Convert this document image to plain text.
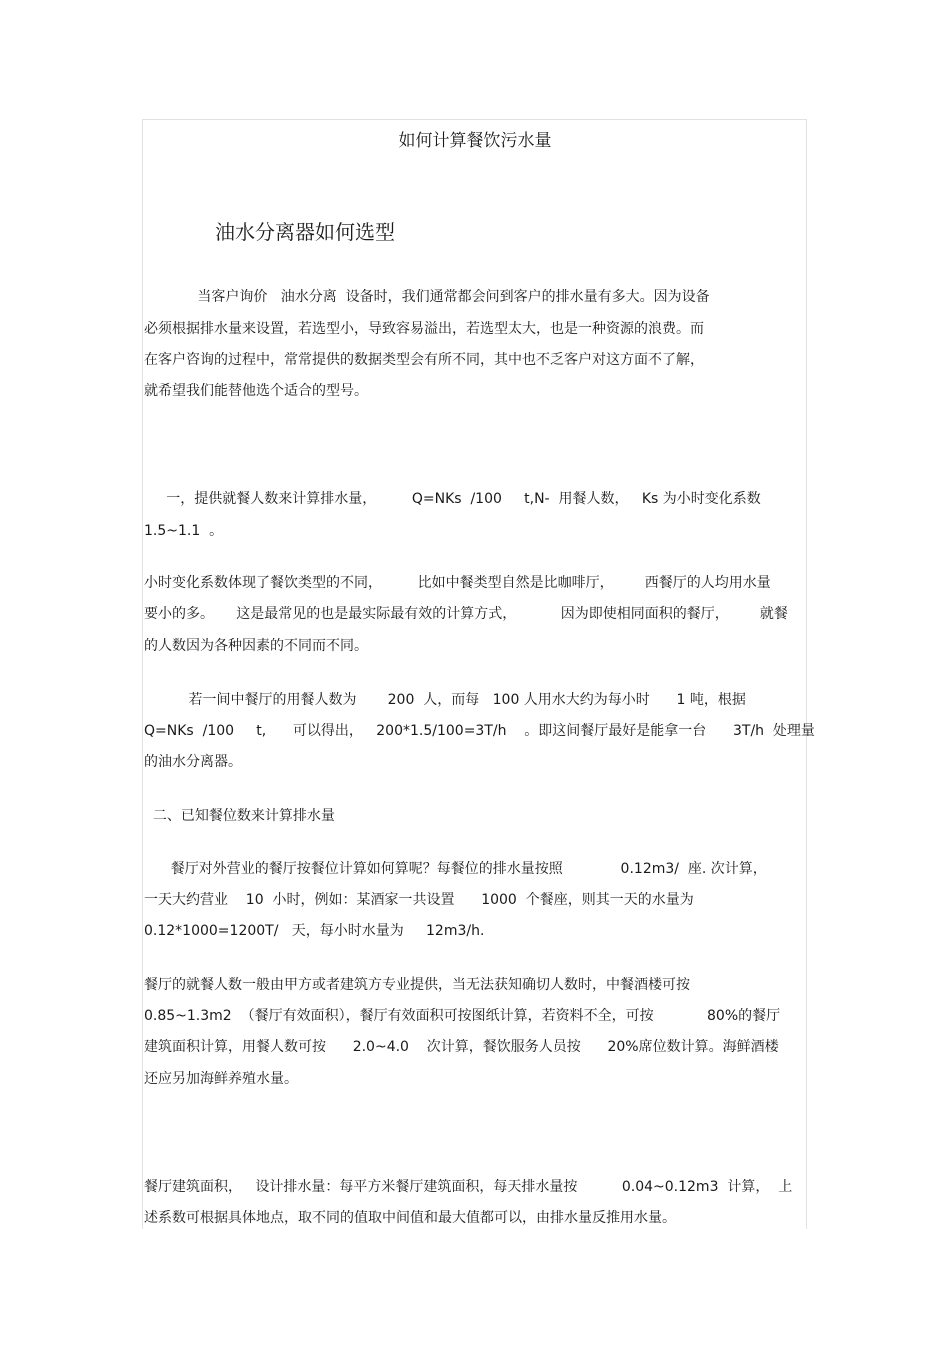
如何计算餐饮污水量
油水分离器如何选型
当客户询价   油水分离  设备时，我们通常都会问到客户的排水量有多大。因为设备
必须根据排水量来设置，若选型小，导致容易溢出，若选型太大，也是一种资源的浪费。而
在客户咨询的过程中，常常提供的数据类型会有所不同，其中也不乏客户对这方面不了解，
就希望我们能替他选个适合的型号。
一，提供就餐人数来计算排水量，        Q=NKs  /100     t,N-  用餐人数，   Ks 为小时变化系数
1.5~1.1  。
小时变化系数体现了餐饮类型的不同，        比如中餐类型自然是比咖啡厅，       西餐厅的人均用水量
要小的多。     这是最常见的也是最实际最有效的计算方式，          因为即使相同面积的餐厅，       就餐
的人数因为各种因素的不同而不同。
若一间中餐厅的用餐人数为       200  人，而每   100 人用水大约为每小时      1 吨，根据
Q=NKs  /100     t,      可以得出，   200*1.5/100=3T/h    。即这间餐厅最好是能拿一台      3T/h  处理量
的油水分离器。
二、已知餐位数来计算排水量
餐厅对外营业的餐厅按餐位计算如何算呢？每餐位的排水量按照             0.12m3/  座. 次计算，
一天大约营业    10  小时，例如：某酒家一共设置      1000  个餐座，则其一天的水量为
0.12*1000=1200T/   天，每小时水量为     12m3/h.
餐厅的就餐人数一般由甲方或者建筑方专业提供，当无法获知确切人数时，中餐酒楼可按
0.85~1.3m2  （餐厅有效面积），餐厅有效面积可按图纸计算，若资料不全，可按            80%的餐厅
建筑面积计算，用餐人数可按      2.0~4.0    次计算，餐饮服务人员按      20%席位数计算。海鲜酒楼
还应另加海鲜养殖水量。
餐厅建筑面积，   设计排水量：每平方米餐厅建筑面积，每天排水量按          0.04~0.12m3  计算，  上
述系数可根据具体地点，取不同的值取中间值和最大值都可以，由排水量反推用水量。
